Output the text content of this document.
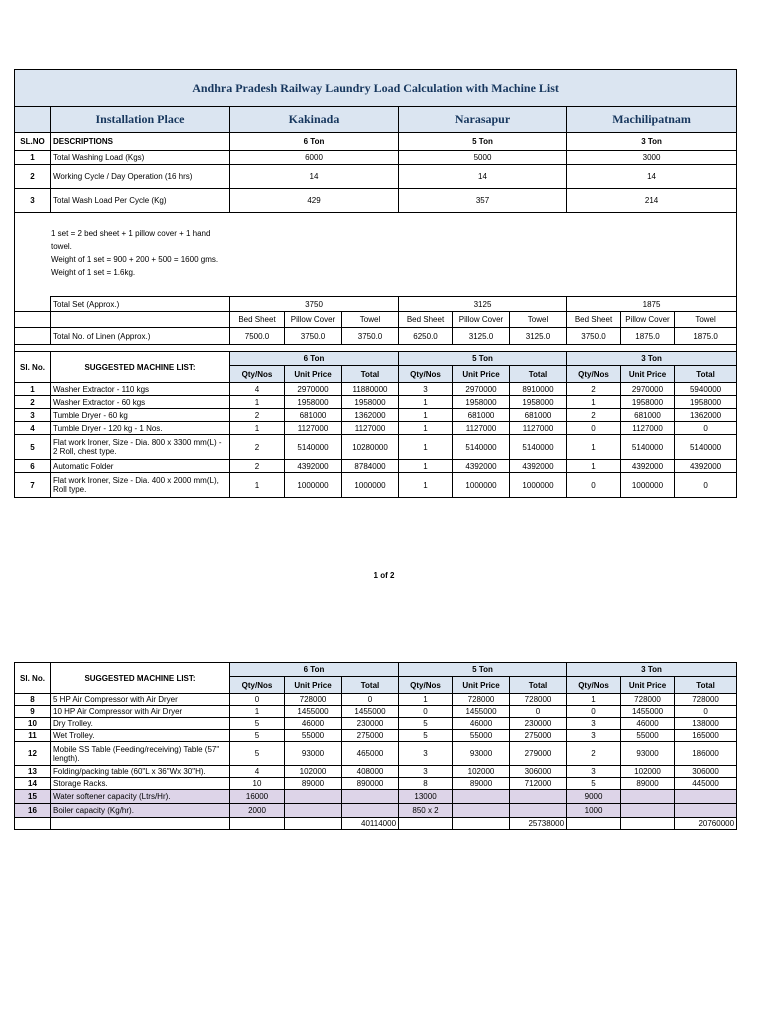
Andhra Pradesh Railway Laundry Load Calculation with Machine List										
	Installation Place	Kakinada			Narasapur			Machilipatnam		
SL.NO	DESCRIPTIONS	6 Ton			5 Ton			3 Ton		
1	Total Washing Load (Kgs)	6000			5000			3000		
2	Working Cycle / Day Operation (16 hrs)	14			14			14		
3	Total Wash Load Per Cycle (Kg)	429			357			214		

1 set = 2 bed sheet + 1 pillow cover + 1 hand towel.
Weight of 1 set = 900 + 200 + 500 = 1600 gms.
Weight of 1 set = 1.6kg.										

	Total Set (Approx.)	3750			3125			1875		
		Bed Sheet	Pillow Cover	Towel	Bed Sheet	Pillow Cover	Towel	Bed Sheet	Pillow Cover	Towel
	Total No. of Linen (Approx.)	7500.0	3750.0	3750.0	6250.0	3125.0	3125.0	3750.0	1875.0	1875.0

Sl. No.	SUGGESTED MACHINE LIST:	6 Ton			5 Ton			3 Ton		
		Qty/Nos	Unit Price	Total	Qty/Nos	Unit Price	Total	Qty/Nos	Unit Price	Total
1	Washer Extractor - 110 kgs	4	2970000	11880000	3	2970000	8910000	2	2970000	5940000
2	Washer Extractor - 60 kgs	1	1958000	1958000	1	1958000	1958000	1	1958000	1958000
3	Tumble Dryer - 60 kg	2	681000	1362000	1	681000	681000	2	681000	1362000
4	Tumble Dryer - 120 kg - 1 Nos.	1	1127000	1127000	1	1127000	1127000	0	1127000	0
5	Flat work Ironer, Size - Dia. 800 x 3300 mm(L) - 2 Roll, chest type.	2	5140000	10280000	1	5140000	5140000	1	5140000	5140000
6	Automatic Folder	2	4392000	8784000	1	4392000	4392000	1	4392000	4392000
7	Flat work Ironer, Size - Dia. 400 x 2000 mm(L), Roll type.	1	1000000	1000000	1	1000000	1000000	0	1000000	0
1 of 2
Sl. No.	SUGGESTED MACHINE LIST:	6 Ton			5 Ton			3 Ton		
		Qty/Nos	Unit Price	Total	Qty/Nos	Unit Price	Total	Qty/Nos	Unit Price	Total
8	5 HP Air Compressor with Air Dryer	0	728000	0	1	728000	728000	1	728000	728000
9	10 HP Air Compressor with Air Dryer	1	1455000	1455000	0	1455000	0	0	1455000	0
10	Dry Trolley.	5	46000	230000	5	46000	230000	3	46000	138000
11	Wet Trolley.	5	55000	275000	5	55000	275000	3	55000	165000
12	Mobile SS Table (Feeding/receiving) Table (57" length).	5	93000	465000	3	93000	279000	2	93000	186000
13	Folding/packing table (60"L x 36"Wx 30"H).	4	102000	408000	3	102000	306000	3	102000	306000
14	Storage Racks.	10	89000	890000	8	89000	712000	5	89000	445000
15	Water softener capacity (Ltrs/Hr).	16000			13000			9000		
16	Boiler capacity (Kg/hr).	2000			850 x 2			1000		
				40114000			25738000			20760000
